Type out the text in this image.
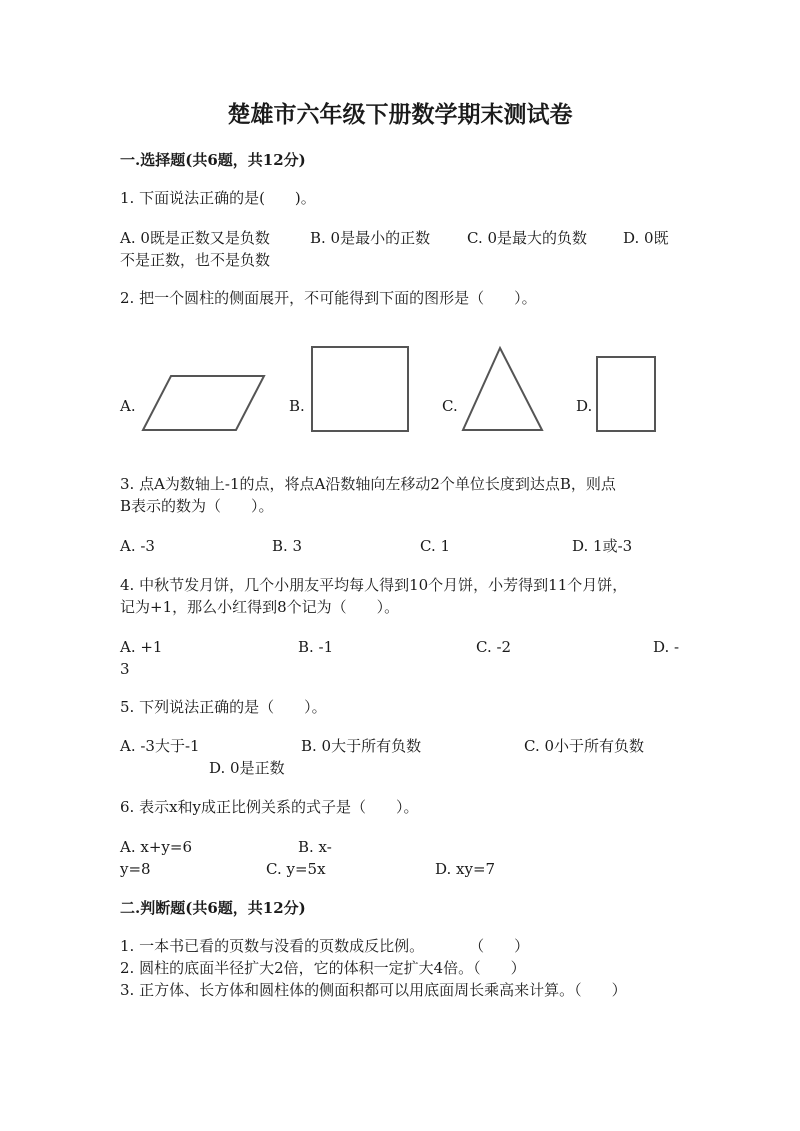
楚雄市六年级下册数学期末测试卷
一.选择题(共6题，共12分)
1. 下面说法正确的是(　　)。
A. 0既是正数又是负数	B. 0是最小的正数 C. 0是最大的负数 D. 0既
不是正数，也不是负数
2. 把一个圆柱的侧面展开，不可能得到下面的图形是（　　）。
A.	B.	C.	D.
3. 点A为数轴上-1的点，将点A沿数轴向左移动2个单位长度到达点B，则点
B表示的数为（　　）。
A. -3	B. 3	C. 1	D. 1或-3
4. 中秋节发月饼，几个小朋友平均每人得到10个月饼，小芳得到11个月饼，
记为+1，那么小红得到8个记为（　　）。
A. +1	B. -1	C. -2	D. -
3
5. 下列说法正确的是（　　）。
A. -3大于-1	B. 0大于所有负数	C. 0小于所有负数
D. 0是正数
6. 表示x和y成正比例关系的式子是（　　）。
A. x+y=6	B. x-
y=8	C. y=5x	D. xy=7
二.判断题(共6题，共12分)
1. 一本书已看的页数与没看的页数成反比例。　　　　（　　）
2. 圆柱的底面半径扩大2倍，它的体积一定扩大4倍。（　　）
3. 正方体、长方体和圆柱体的侧面积都可以用底面周长乘高来计算。（　　）
